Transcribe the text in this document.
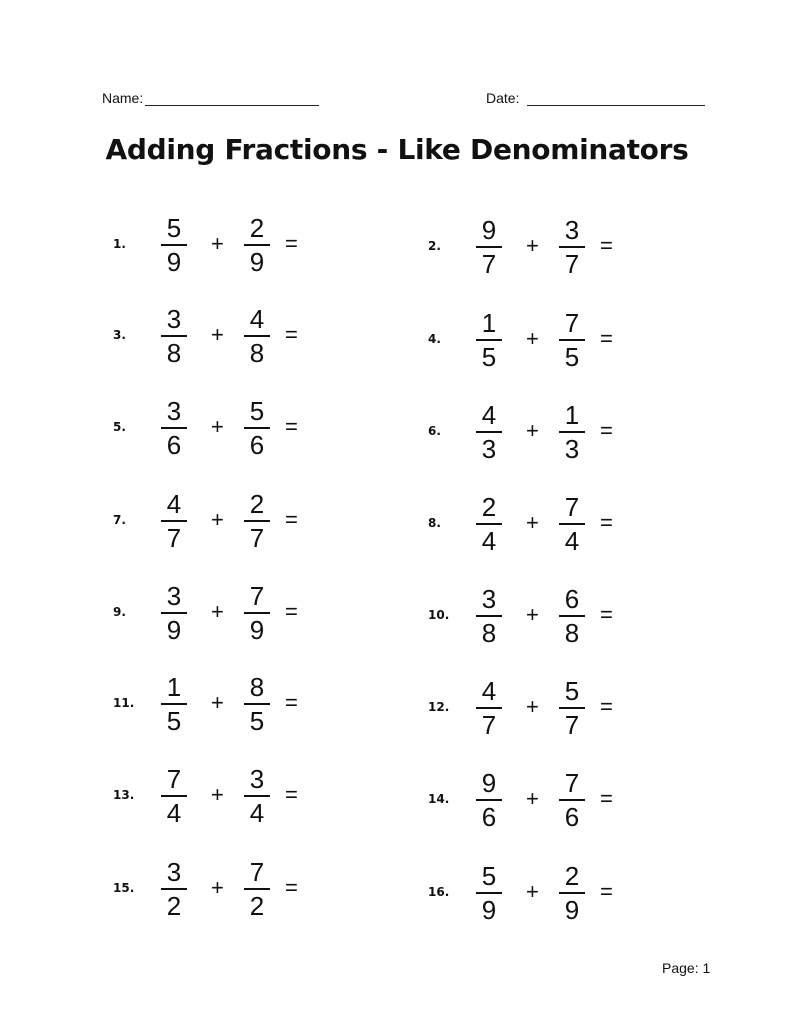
Name:	Date:
Adding Fractions - Like Denominators
1.
5
9
+
2
9
=	2.
9
7
+
3
7
=
3.
3
8
+
4
8
=	4.
1
5
+
7
5
=
5.
3
6
+
5
6
=	6.
4
3
+
1
3
=
7.
4
7
+
2
7
=	8.
2
4
+
7
4
=
9.
3
9
+
7
9
=	10.
3
8
+
6
8
=
11.
1
5
+
8
5
=	12.
4
7
+
5
7
=
13.
7
4
+
3
4
=	14.
9
6
+
7
6
=
15.
3
2
+
7
2
=	16.
5
9
+
2
9
=
Page: 1
